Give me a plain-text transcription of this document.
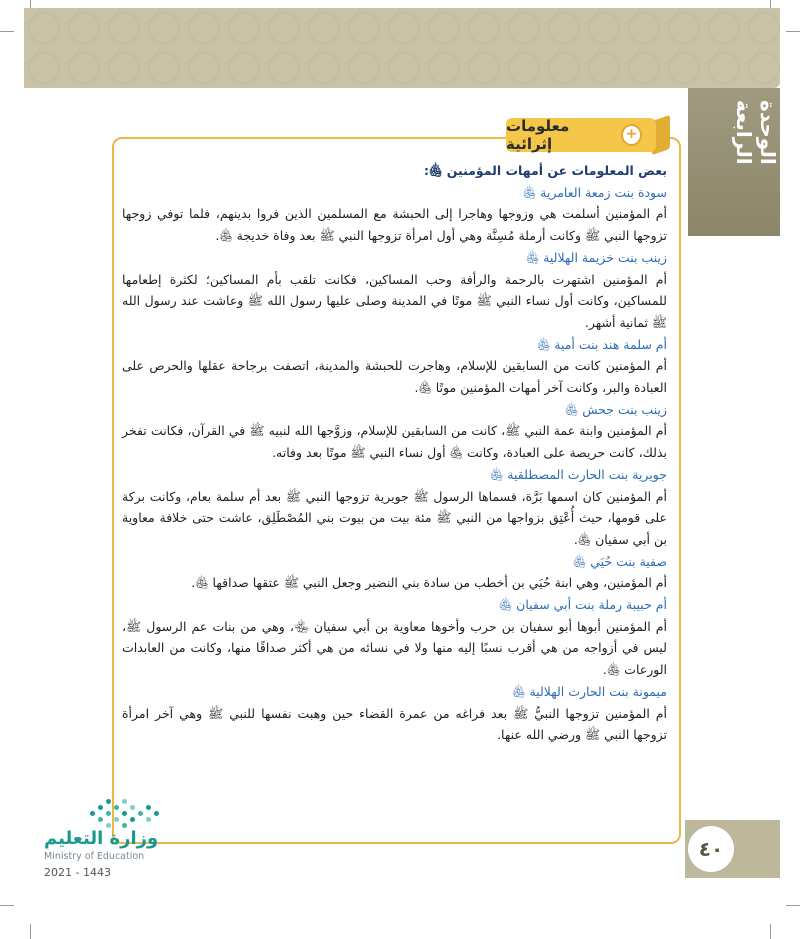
الوحدة الرابعة
معلومات إثرائية
+

بعض المعلومات عن أمهات المؤمنين ﵅:

سودة بنت زمعة العامرية ﵅

أم المؤمنين أسلمت هي وزوجها وهاجرا إلى الحبشة مع المسلمين الذين فروا بدينهم، فلما توفي زوجها تزوجها النبي ﷺ وكانت أرملة مُسِنَّة وهي أول امرأة تزوجها النبي ﷺ بعد وفاة خديجة ﵅.

زينب بنت خزيمة الهلالية ﵅

أم المؤمنين اشتهرت بالرحمة والرأفة وحب المساكين، فكانت تلقب بأم المساكين؛ لكثرة إطعامها للمساكين، وكانت أول نساء النبي ﷺ موتًا في المدينة وصلى عليها رسول الله ﷺ وعاشت عند رسول الله ﷺ ثمانية أشهر.

أم سلمة هند بنت أمية ﵅

أم المؤمنين كانت من السابقين للإسلام، وهاجرت للحبشة والمدينة، اتصفت برجاحة عقلها والحرص على العبادة والبر، وكانت آخر أمهات المؤمنين موتًا ﵅.

زينب بنت جحش ﵅

أم المؤمنين وابنة عمة النبي ﷺ، كانت من السابقين للإسلام، وزوَّجها الله لنبيه ﷺ في القرآن، فكانت تفخر بذلك، كانت حريصة على العبادة، وكانت ﵅ أول نساء النبي ﷺ موتًا بعد وفاته.

جويرية بنت الحارث المصطلقية ﵅

أم المؤمنين كان اسمها بَرَّة، فسماها الرسول ﷺ جويرية تزوجها النبي ﷺ بعد أم سلمة بعام، وكانت بركة على قومها، حيث أُعْتِق بزواجها من النبي ﷺ مئة بيت من بيوت بني المُصْطَلِق، عاشت حتى خلافة معاوية بن أبي سفيان ﵅.

صفية بنت حُيَي ﵅

أم المؤمنين، وهي ابنة حُيَي بن أخطب من سادة بني النضير وجعل النبي ﷺ عتقها صداقها ﵅.

أم حبيبة رملة بنت أبي سفيان ﵅

أم المؤمنين أبوها أبو سفيان بن حرب وأخوها معاوية بن أبي سفيان ﵄، وهي من بنات عم الرسول ﷺ، ليس في أزواجه من هي أقرب نسبًا إليه منها ولا في نسائه من هي أكثر صداقًا منها، وكانت من العابدات الورعات ﵅.

ميمونة بنت الحارث الهلالية ﵅

أم المؤمنين تزوجها النبيُّ ﷺ بعد فراغه من عمرة القضاء حين وهبت نفسها للنبي ﷺ وهي آخر امرأة تزوجها النبي ﷺ ورضي الله عنها.

٤٠
وزارة التعليم
Ministry of Education
2021 - 1443
